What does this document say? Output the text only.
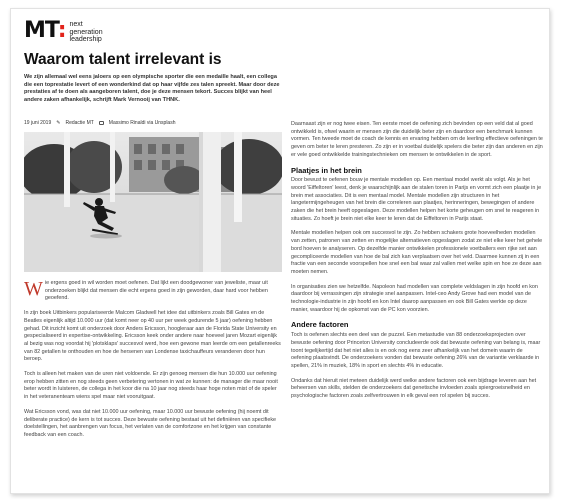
MT: next
generation
leadership
Waarom talent irrelevant is

We zijn allemaal wel eens jaloers op een olympische sporter die een medaille haalt, een collega die een toprestatie levert of een wonderkind dat op haar vijfde zes talen spreekt. Maar door deze prestaties af te doen als aangeboren talent, doe je deze mensen tekort. Succes blijkt van heel andere zaken afhankelijk, schrijft Mark Vernooij van THNK.

19 juni 2019 ✎ Redactie MT	Massimo Rinaldi via Unsplash

Wie ergens goed in wil worden moet oefenen. Dat lijkt een doodgewoner van jeweliste, maar uit onderzoeken blijkt dat mensen die echt ergens goed in zijn geworden, daar hard voor hebben geoefend.

In zijn boek Uitbinkers populariseerde Malcom Gladwell het idee dat uitbinkers zoals Bill Gates en de Beatles eigenlijk altijd 10.000 uur (dat komt neer op 40 uur per week gedurende 5 jaar) oefening hebben gehad. Dit inzicht komt uit onderzoek door Anders Ericsson, hoogleraar aan de Florida State University en gespecialiseerd in expertise-ontwikkeling. Ericsson keek onder andere naar hoeveel jaren Mozart eigenlijk al bezig was nog voordat hij 'plotsklaps' succesvol werd, hoe een gewone man leerde om een getallenreeks van 82 getallen te onthouden en hoe de hersenen van Londense taxichauffeurs veranderen door hun beroep.

Toch is alleen het maken van de uren niet voldoende. Er zijn genoeg mensen die hun 10.000 uur oefening erop hebben zitten en nog steeds geen verbetering vertonen in wat ze kunnen: de manager die maar nooit beter wordt in luisteren, de collega in het koor die na 10 jaar nog steeds haar hoge noten mist of de speler in het veteranenteam wiens spel maar niet vooruitgaat.

Wat Ericsson vond, was dat niet 10.000 uur oefening, maar 10.000 uur bewuste oefening (hij noemt dit deliberate practice) de kern is tot succes. Deze bewuste oefening bestaat uit het definiëren van specifieke doelstellingen, het aanbrengen van focus, het verlaten van de comfortzone en het krijgen van constante feedback van een coach.

Daarnaast zijn er nog twee eisen. Ten eerste moet de oefening zich bevinden op een veld dat al goed ontwikkeld is, ofwel waarin er mensen zijn die duidelijk beter zijn en daardoor een benchmark kunnen vormen. Ten tweede moet de coach de kennis en ervaring hebben om de leerling effectieve oefeningen te geven om beter te leren presteren. Zo zijn er in voetbal duidelijk spelers die beter zijn dan anderen en zijn er vele goed ontwikkelde trainingstechnieken om mensen te ontwikkelen in de sport.

Plaatjes in het brein

Door bewust te oefenen bouw je mentale modellen op. Een mentaal model werkt als volgt. Als je het woord 'Eiffeltoren' leest, denk je waarschijnlijk aan de stalen toren in Parijs en vormt zich een plaatje in je brein met associaties. Dit is een mentaal model. Mentale modellen zijn structuren in het langetermijngeheugen van het brein die correleren aan plaatjes, herinneringen, bewegingen of andere zaken die het brein heeft opgeslagen. Deze modellen helpen het korte geheugen om snel te reageren in situaties. Zo hoeft je brein niet elke keer te leren dat de Eiffeltoren in Parijs staat.

Mentale modellen helpen ook om succesvol te zijn. Zo hebben schakers grote hoeveelheden modellen van zetten, patronen van zetten en mogelijke alternatieven opgeslagen zodat ze niet elke keer het gehele bord hoeven te analyseren. Op dezelfde manier ontwikkelen professionele voetballers een rijke set aan gecompliceerde modellen van hoe de bal zich kan verplaatsen over het veld. Daarmee kunnen zij in een fractie van een seconde voorspellen hoe snel een bal waar zal vallen met welke spin en hoe ze deze aan moeten nemen.

In organisaties zien we hetzelfde. Napoleon had modellen van complete veldslagen in zijn hoofd en kon daardoor bij verrassingen zijn strategie snel aanpassen. Intel-ceo Andy Grove had een model van de technologie-industrie in zijn hoofd en kon Intel daarop aanpassen en ook Bill Gates werkte op deze manier, waardoor hij de opkomst van de PC kon voorzien.

Andere factoren

Toch is oefenen slechts een deel van de puzzel. Een metastudie van 88 onderzoeksprojecten over bewuste oefening door Princeton University concludeerde ook dat bewuste oefening van belang is, maar toont tegelijkertijd dat het niet alles is en ook nog eens zeer afhankelijk van het domein waarin de oefening plaatsvindt. De onderzoekers vonden dat bewuste oefening 26% van de variantie verklaarde in spellen, 21% in muziek, 18% in sport en slechts 4% in educatie.

Ondanks dat hieruit niet meteen duidelijk werd welke andere factoren ook een bijdrage leveren aan het beheersen van skills, stelden de onderzoekers dat genetische invloeden zoals spiergroeisnelheid en psychologische factoren zoals zelfvertrouwen in elk geval een rol spelen bij succes.
